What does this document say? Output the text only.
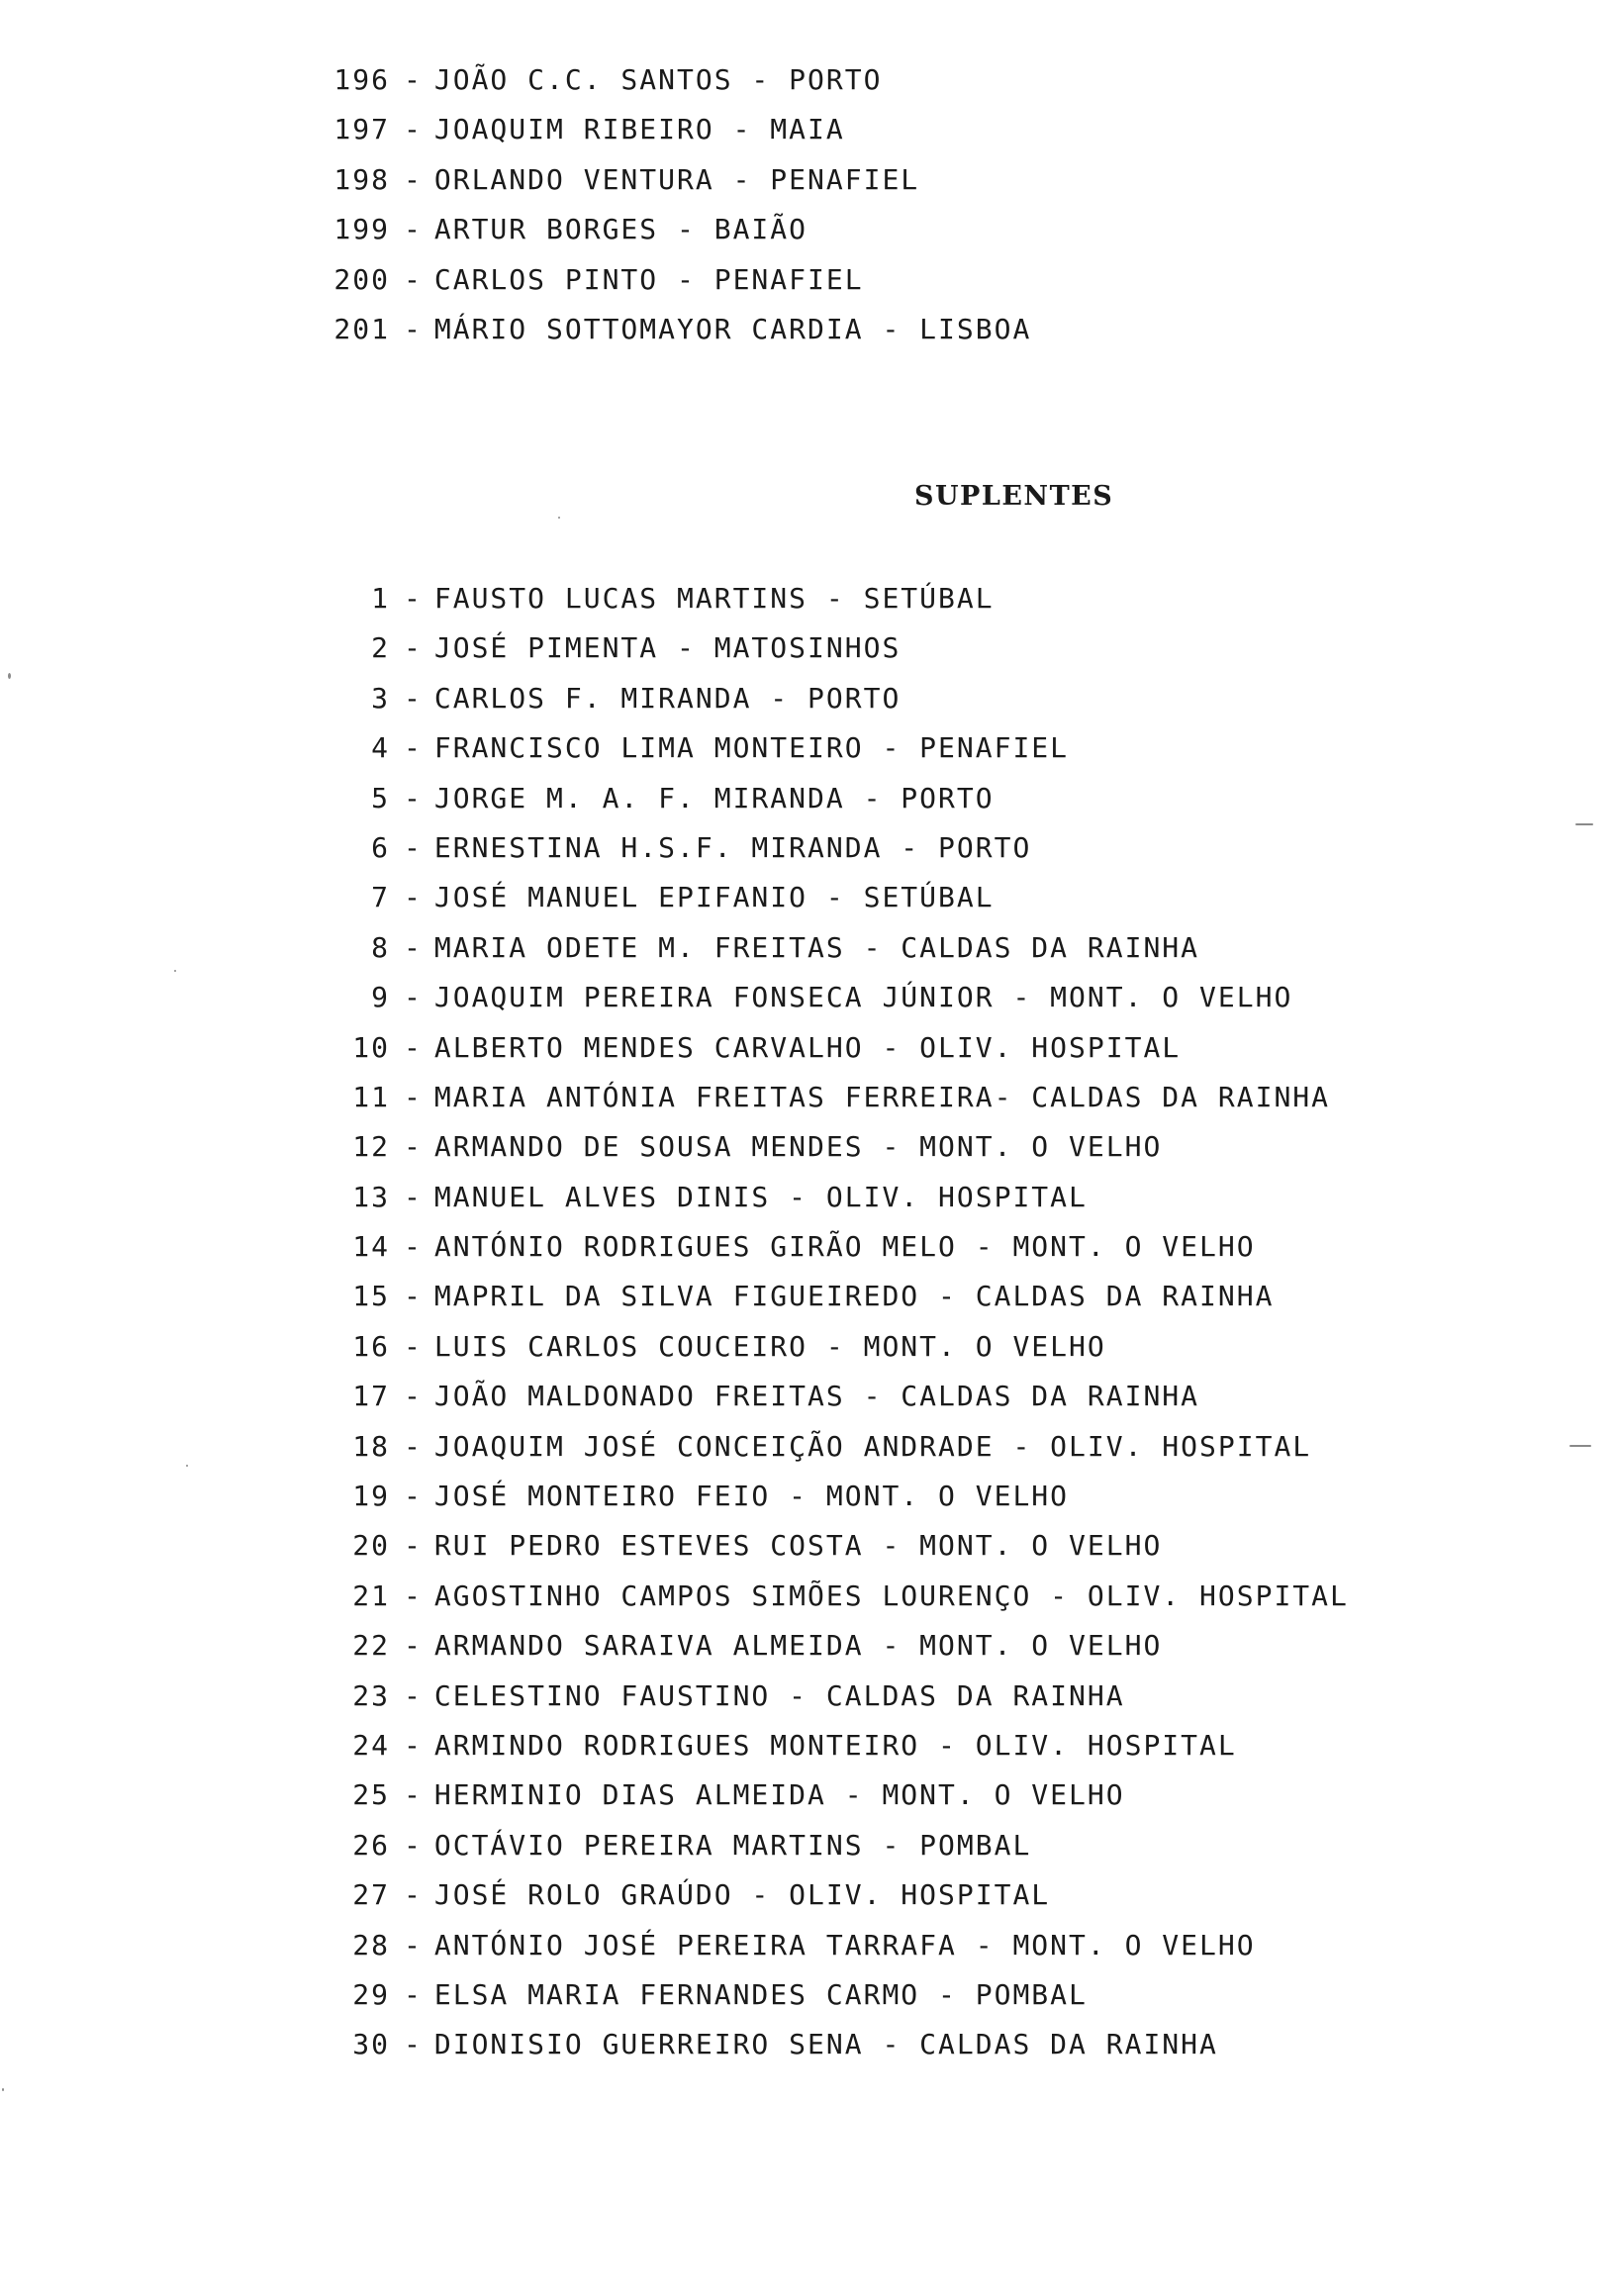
196 - JOÃO C.C. SANTOS - PORTO
197 - JOAQUIM RIBEIRO - MAIA
198 - ORLANDO VENTURA - PENAFIEL
199 - ARTUR BORGES - BAIÃO
200 - CARLOS PINTO - PENAFIEL
201 - MÁRIO SOTTOMAYOR CARDIA - LISBOA
SUPLENTES
1 - FAUSTO LUCAS MARTINS - SETÚBAL
2 - JOSÉ PIMENTA - MATOSINHOS
3 - CARLOS F. MIRANDA - PORTO
4 - FRANCISCO LIMA MONTEIRO - PENAFIEL
5 - JORGE M. A. F. MIRANDA - PORTO
6 - ERNESTINA H.S.F. MIRANDA - PORTO
7 - JOSÉ MANUEL EPIFANIO - SETÚBAL
8 - MARIA ODETE M. FREITAS - CALDAS DA RAINHA
9 - JOAQUIM PEREIRA FONSECA JÚNIOR - MONT. O VELHO
10 - ALBERTO MENDES CARVALHO - OLIV. HOSPITAL
11 - MARIA ANTÓNIA FREITAS FERREIRA- CALDAS DA RAINHA
12 - ARMANDO DE SOUSA MENDES - MONT. O VELHO
13 - MANUEL ALVES DINIS - OLIV. HOSPITAL
14 - ANTÓNIO RODRIGUES GIRÃO MELO - MONT. O VELHO
15 - MAPRIL DA SILVA FIGUEIREDO - CALDAS DA RAINHA
16 - LUIS CARLOS COUCEIRO - MONT. O VELHO
17 - JOÃO MALDONADO FREITAS - CALDAS DA RAINHA
18 - JOAQUIM JOSÉ CONCEIÇÃO ANDRADE - OLIV. HOSPITAL
19 - JOSÉ MONTEIRO FEIO - MONT. O VELHO
20 - RUI PEDRO ESTEVES COSTA - MONT. O VELHO
21 - AGOSTINHO CAMPOS SIMÕES LOURENÇO - OLIV. HOSPITAL
22 - ARMANDO SARAIVA ALMEIDA - MONT. O VELHO
23 - CELESTINO FAUSTINO - CALDAS DA RAINHA
24 - ARMINDO RODRIGUES MONTEIRO - OLIV. HOSPITAL
25 - HERMINIO DIAS ALMEIDA - MONT. O VELHO
26 - OCTÁVIO PEREIRA MARTINS - POMBAL
27 - JOSÉ ROLO GRAÚDO - OLIV. HOSPITAL
28 - ANTÓNIO JOSÉ PEREIRA TARRAFA - MONT. O VELHO
29 - ELSA MARIA FERNANDES CARMO - POMBAL
30 - DIONISIO GUERREIRO SENA - CALDAS DA RAINHA
